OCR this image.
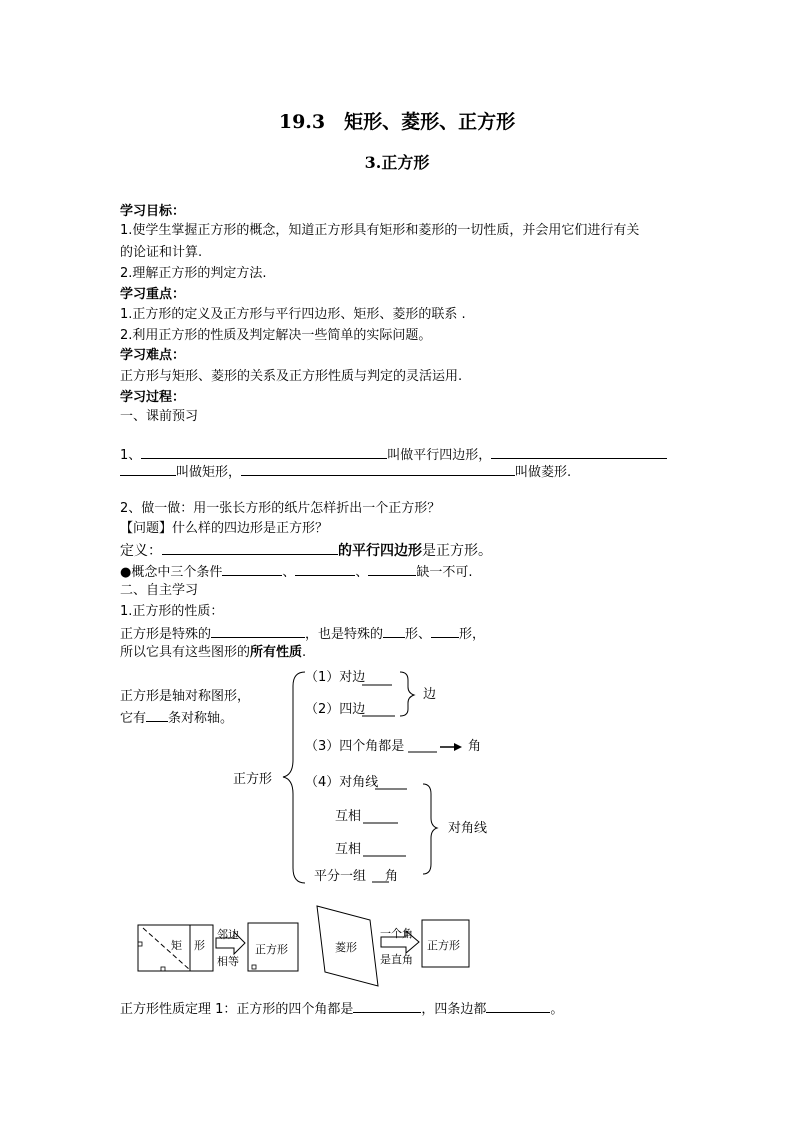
19.3　矩形、菱形、正方形
3.正方形
学习目标：
1.使学生掌握正方形的概念，知道正方形具有矩形和菱形的一切性质，并会用它们进行有关
的论证和计算.
2.理解正方形的判定方法.
学习重点：
1.正方形的定义及正方形与平行四边形、矩形、菱形的联系 .
2.利用正方形的性质及判定解决一些简单的实际问题。
学习难点：
正方形与矩形、菱形的关系及正方形性质与判定的灵活运用.
学习过程：
一、课前预习
1、	叫做平行四边形，
叫做矩形，	叫做菱形.
2、做一做：用一张长方形的纸片怎样折出一个正方形？
【问题】什么样的四边形是正方形？
定义：	的平行四边形是正方形。
●概念中三个条件	、	、	缺一不可.
二、自主学习
1.正方形的性质：
正方形是特殊的	，也是特殊的 形、 形，
所以它具有这些图形的所有性质.
正方形是轴对称图形，
它有 条对称轴。
正方形
（1）对边
（2）四边
边
（3）四个角都是	角
（4）对角线
互相
互相
平分一组 角
对角线
矩 形
邻边
相等
正方形	菱形
一个角
是直角
正方形
正方形性质定理 1：正方形的四个角都是	，四条边都	。
